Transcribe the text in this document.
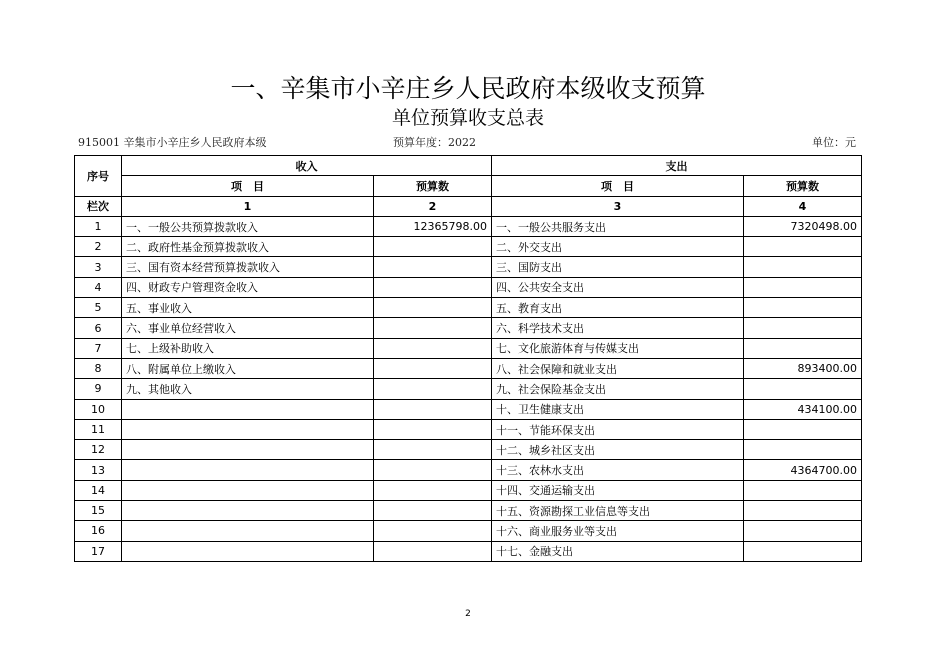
一、辛集市小辛庄乡人民政府本级收支预算
单位预算收支总表
915001 辛集市小辛庄乡人民政府本级	预算年度：2022	单位：元
序号	收入		支出	
	项　目	预算数	项　目	预算数
栏次	1	2	3	4
1	一、一般公共预算拨款收入	12365798.00	一、一般公共服务支出	7320498.00
2	二、政府性基金预算拨款收入		二、外交支出	
3	三、国有资本经营预算拨款收入		三、国防支出	
4	四、财政专户管理资金收入		四、公共安全支出	
5	五、事业收入		五、教育支出	
6	六、事业单位经营收入		六、科学技术支出	
7	七、上级补助收入		七、文化旅游体育与传媒支出	
8	八、附属单位上缴收入		八、社会保障和就业支出	893400.00
9	九、其他收入		九、社会保险基金支出	
10			十、卫生健康支出	434100.00
11			十一、节能环保支出	
12			十二、城乡社区支出	
13			十三、农林水支出	4364700.00
14			十四、交通运输支出	
15			十五、资源勘探工业信息等支出	
16			十六、商业服务业等支出	
17			十七、金融支出	
2
